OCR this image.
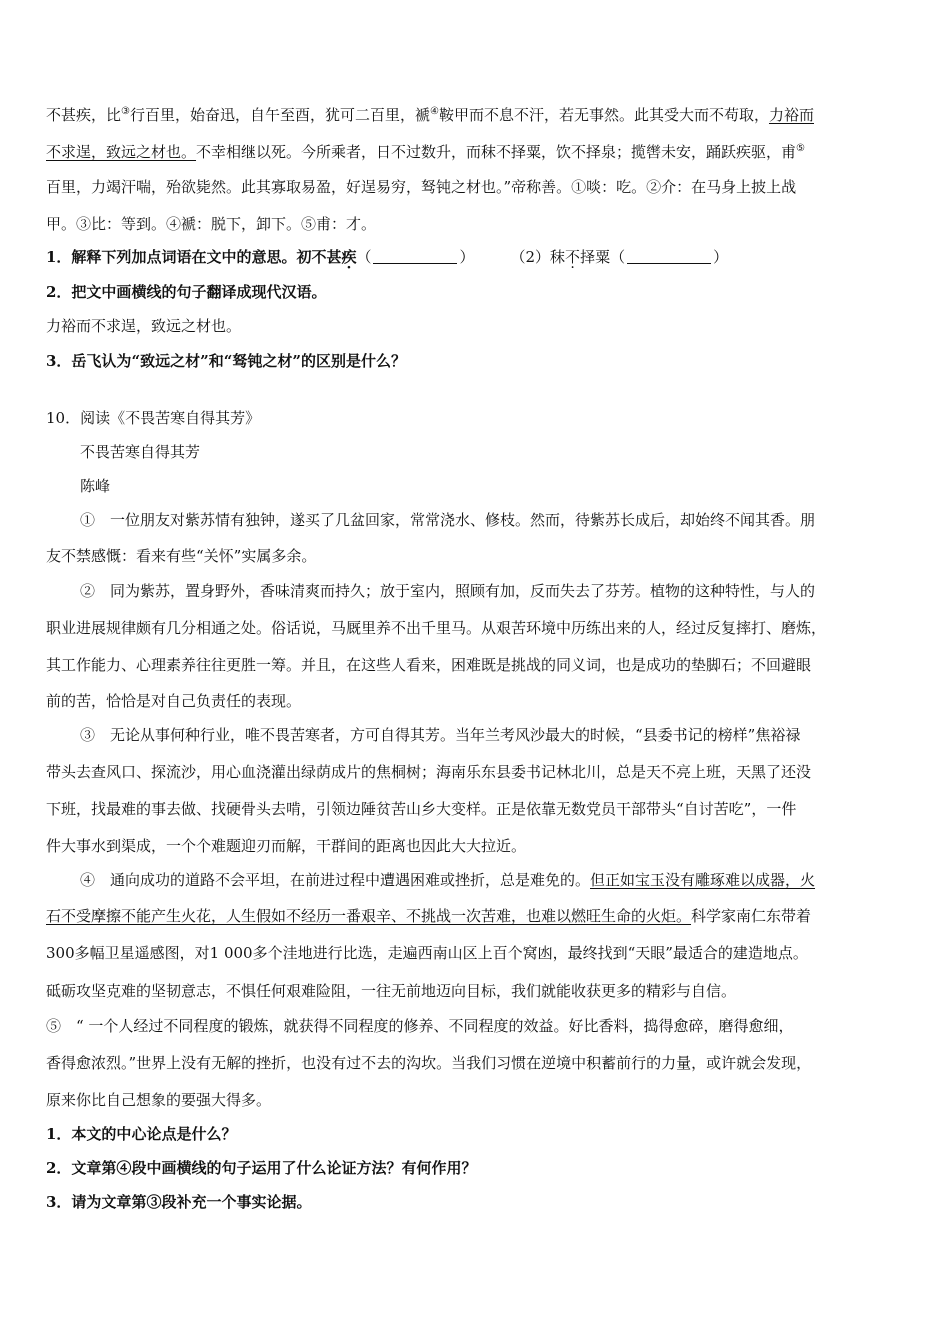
不甚疾，比③行百里，始奋迅，自午至酉，犹可二百里，褫④鞍甲而不息不汗，若无事然。此其受大而不苟取，力裕而
不求逞，致远之材也。不幸相继以死。今所乘者，日不过数升，而秣不择粟，饮不择泉；揽辔未安，踊跃疾驱，甫⑤
百里，力竭汗喘，殆欲毙然。此其寡取易盈，好逞易穷，驽钝之材也。”帝称善。①啖：吃。②介：在马身上披上战
甲。③比：等到。④褫：脱下，卸下。⑤甫：才。
1．解释下列加点词语在文中的意思。初不甚疾（	） （2）秣不择粟（	）
2．把文中画横线的句子翻译成现代汉语。
力裕而不求逞，致远之材也。
3．岳飞认为“致远之材”和“驽钝之材”的区别是什么？
10．阅读《不畏苦寒自得其芳》
不畏苦寒自得其芳
陈峰
①　一位朋友对紫苏情有独钟，遂买了几盆回家，常常浇水、修枝。然而，待紫苏长成后，却始终不闻其香。朋
友不禁感慨：看来有些“关怀”实属多余。
②　同为紫苏，置身野外，香味清爽而持久；放于室内，照顾有加，反而失去了芬芳。植物的这种特性，与人的
职业进展规律颇有几分相通之处。俗话说，马厩里养不出千里马。从艰苦环境中历练出来的人，经过反复摔打、磨炼，
其工作能力、心理素养往往更胜一筹。并且，在这些人看来，困难既是挑战的同义词，也是成功的垫脚石；不回避眼
前的苦，恰恰是对自己负责任的表现。
③　无论从事何种行业，唯不畏苦寒者，方可自得其芳。当年兰考风沙最大的时候，“县委书记的榜样”焦裕禄
带头去查风口、探流沙，用心血浇灌出绿荫成片的焦桐树；海南乐东县委书记林北川，总是天不亮上班，天黑了还没
下班，找最难的事去做、找硬骨头去啃，引领边陲贫苦山乡大变样。正是依靠无数党员干部带头“自讨苦吃”，一件
件大事水到渠成，一个个难题迎刃而解，干群间的距离也因此大大拉近。
④　通向成功的道路不会平坦，在前进过程中遭遇困难或挫折，总是难免的。但正如宝玉没有雕琢难以成器，火
石不受摩擦不能产生火花，人生假如不经历一番艰辛、不挑战一次苦难，也难以燃旺生命的火炬。科学家南仁东带着
300多幅卫星遥感图，对1 000多个洼地进行比选，走遍西南山区上百个窝凼，最终找到“天眼”最适合的建造地点。
砥砺攻坚克难的坚韧意志，不惧任何艰难险阻，一往无前地迈向目标，我们就能收获更多的精彩与自信。
⑤　“ 一个人经过不同程度的锻炼，就获得不同程度的修养、不同程度的效益。好比香料，捣得愈碎，磨得愈细，
香得愈浓烈。”世界上没有无解的挫折，也没有过不去的沟坎。当我们习惯在逆境中积蓄前行的力量，或许就会发现，
原来你比自己想象的要强大得多。
1．本文的中心论点是什么？
2．文章第④段中画横线的句子运用了什么论证方法？有何作用？
3．请为文章第③段补充一个事实论据。
